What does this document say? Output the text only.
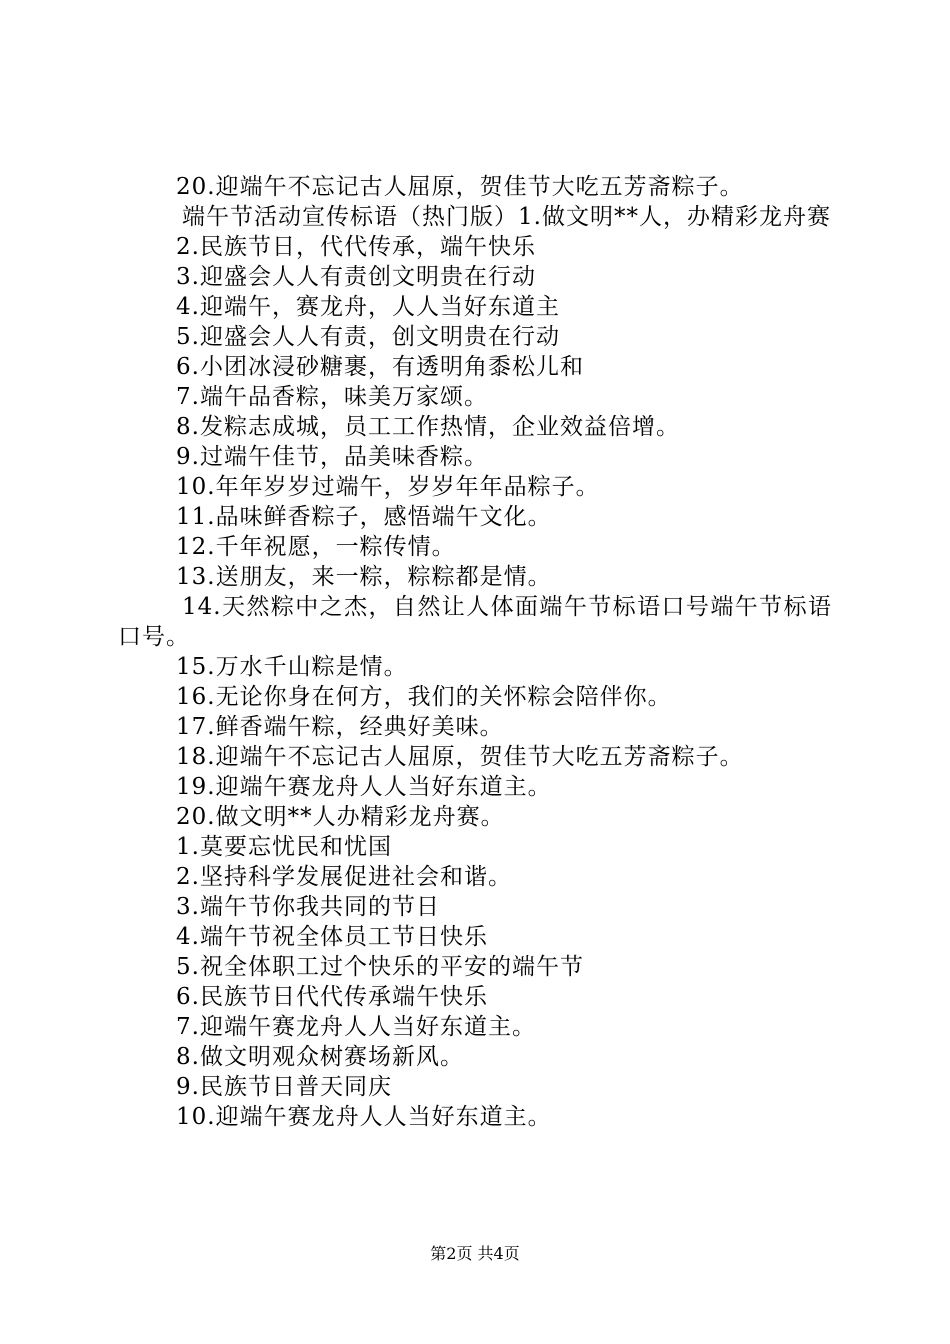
20.迎端午不忘记古人屈原，贺佳节大吃五芳斋粽子。
端午节活动宣传标语（热门版）1.做文明**人，办精彩龙舟赛
2.民族节日，代代传承，端午快乐
3.迎盛会人人有责创文明贵在行动
4.迎端午，赛龙舟，人人当好东道主
5.迎盛会人人有责，创文明贵在行动
6.小团冰浸砂糖裹，有透明角黍松儿和
7.端午品香粽，味美万家颂。
8.发粽志成城，员工工作热情，企业效益倍增。
9.过端午佳节，品美味香粽。
10.年年岁岁过端午，岁岁年年品粽子。
11.品味鲜香粽子，感悟端午文化。
12.千年祝愿，一粽传情。
13.送朋友，来一粽，粽粽都是情。
14.天然粽中之杰，自然让人体面端午节标语口号端午节标语口号。
15.万水千山粽是情。
16.无论你身在何方，我们的关怀粽会陪伴你。
17.鲜香端午粽，经典好美味。
18.迎端午不忘记古人屈原，贺佳节大吃五芳斋粽子。
19.迎端午赛龙舟人人当好东道主。
20.做文明**人办精彩龙舟赛。
1.莫要忘忧民和忧国
2.坚持科学发展促进社会和谐。
3.端午节你我共同的节日
4.端午节祝全体员工节日快乐
5.祝全体职工过个快乐的平安的端午节
6.民族节日代代传承端午快乐
7.迎端午赛龙舟人人当好东道主。
8.做文明观众树赛场新风。
9.民族节日普天同庆
10.迎端午赛龙舟人人当好东道主。
第2页 共4页
